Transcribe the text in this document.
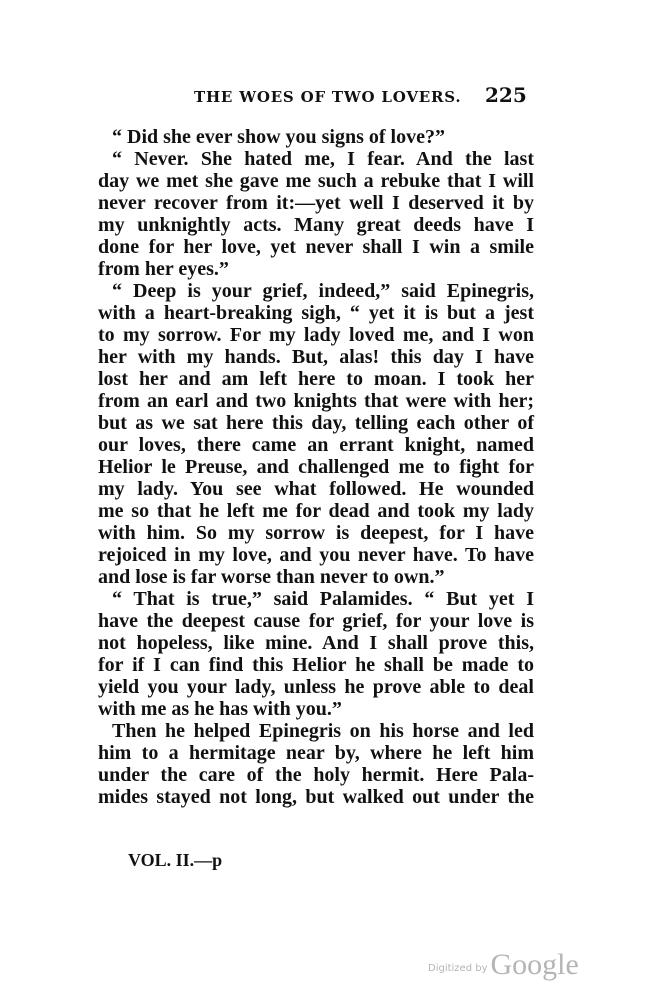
THE WOES OF TWO LOVERS. 225
“ Did she ever show you signs of love?”
“ Never. She hated me, I fear. And the last
day we met she gave me such a rebuke that I will
never recover from it:—yet well I deserved it by
my unknightly acts. Many great deeds have I
done for her love, yet never shall I win a smile
from her eyes.”
“ Deep is your grief, indeed,” said Epinegris,
with a heart-breaking sigh, “ yet it is but a jest
to my sorrow. For my lady loved me, and I won
her with my hands. But, alas! this day I have
lost her and am left here to moan. I took her
from an earl and two knights that were with her;
but as we sat here this day, telling each other of
our loves, there came an errant knight, named
Helior le Preuse, and challenged me to fight for
my lady. You see what followed. He wounded
me so that he left me for dead and took my lady
with him. So my sorrow is deepest, for I have
rejoiced in my love, and you never have. To have
and lose is far worse than never to own.”
“ That is true,” said Palamides. “ But yet I
have the deepest cause for grief, for your love is
not hopeless, like mine. And I shall prove this,
for if I can find this Helior he shall be made to
yield you your lady, unless he prove able to deal
with me as he has with you.”
Then he helped Epinegris on his horse and led
him to a hermitage near by, where he left him
under the care of the holy hermit. Here Pala-
mides stayed not long, but walked out under the
VOL. II.—p
Digitized by Google
